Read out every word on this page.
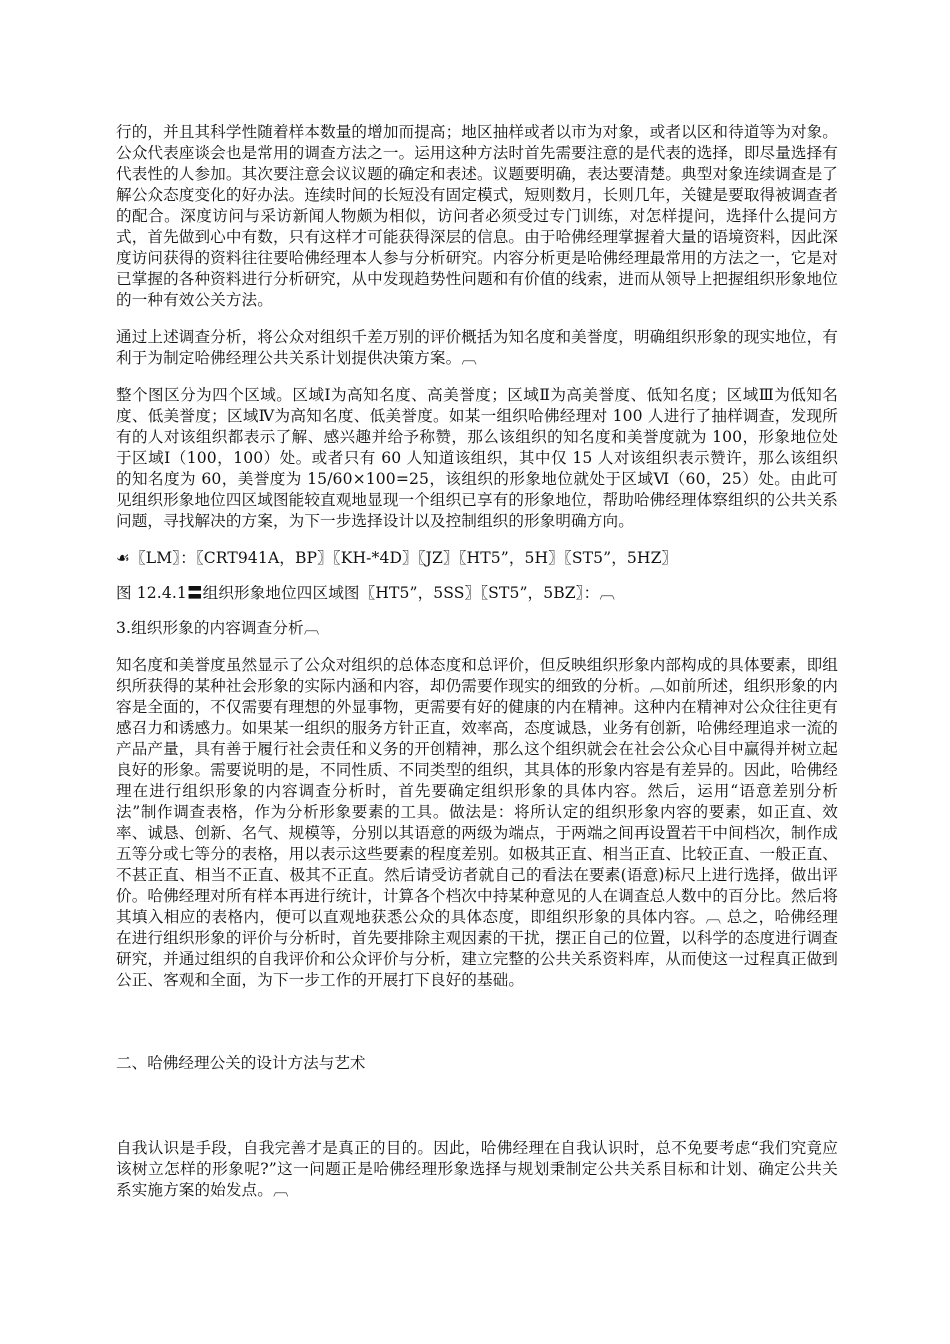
行的，并且其科学性随着样本数量的增加而提高；地区抽样或者以市为对象，或者以区和待道等为对象。公众代表座谈会也是常用的调查方法之一。运用这种方法时首先需要注意的是代表的选择，即尽量选择有代表性的人参加。其次要注意会议议题的确定和表述。议题要明确，表达要清楚。典型对象连续调查是了解公众态度变化的好办法。连续时间的长短没有固定模式，短则数月，长则几年，关键是要取得被调查者的配合。深度访问与采访新闻人物颇为相似，访问者必须受过专门训练，对怎样提问，选择什么提问方式，首先做到心中有数，只有这样才可能获得深层的信息。由于哈佛经理掌握着大量的语境资料，因此深度访问获得的资料往往要哈佛经理本人参与分析研究。内容分析更是哈佛经理最常用的方法之一，它是对已掌握的各种资料进行分析研究，从中发现趋势性问题和有价值的线索，进而从领导上把握组织形象地位的一种有效公关方法。

通过上述调查分析，将公众对组织千差万别的评价概括为知名度和美誉度，明确组织形象的现实地位，有利于为制定哈佛经理公共关系计划提供决策方案。︹

整个图区分为四个区域。区域Ⅰ为高知名度、高美誉度；区域Ⅱ为高美誉度、低知名度；区域Ⅲ为低知名度、低美誉度；区域Ⅳ为高知名度、低美誉度。如某一组织哈佛经理对 100 人进行了抽样调查，发现所有的人对该组织都表示了解、感兴趣并给予称赞，那么该组织的知名度和美誉度就为 100，形象地位处于区域Ⅰ（100，100）处。或者只有 60 人知道该组织，其中仅 15 人对该组织表示赞许，那么该组织的知名度为 60，美誉度为 15/60×100=25，该组织的形象地位就处于区域Ⅵ（60，25）处。由此可见组织形象地位四区域图能较直观地显现一个组织已享有的形象地位，帮助哈佛经理体察组织的公共关系问题，寻找解决的方案，为下一步选择设计以及控制组织的形象明确方向。

☙〖LM〗：〖CRT941A，BP〗〖KH-*4D〗〖JZ〗〖HT5”，5H〗〖ST5”，5HZ〗

图 12.4.1〓组织形象地位四区域图〖HT5”，5SS〗〖ST5”，5BZ〗：︹

3.组织形象的内容调查分析︹

知名度和美誉度虽然显示了公众对组织的总体态度和总评价，但反映组织形象内部构成的具体要素，即组织所获得的某种社会形象的实际内涵和内容，却仍需要作现实的细致的分析。︹如前所述，组织形象的内容是全面的，不仅需要有理想的外显事物，更需要有好的健康的内在精神。这种内在精神对公众往往更有感召力和诱感力。如果某一组织的服务方针正直，效率高，态度诚恳，业务有创新，哈佛经理追求一流的产品产量，具有善于履行社会责任和义务的开创精神，那么这个组织就会在社会公众心目中赢得并树立起良好的形象。需要说明的是，不同性质、不同类型的组织，其具体的形象内容是有差异的。因此，哈佛经理在进行组织形象的内容调查分析时，首先要确定组织形象的具体内容。然后，运用“语意差别分析法”制作调查表格，作为分析形象要素的工具。做法是：将所认定的组织形象内容的要素，如正直、效率、诚恳、创新、名气、规模等，分别以其语意的两级为端点，于两端之间再设置若干中间档次，制作成五等分或七等分的表格，用以表示这些要素的程度差别。如极其正直、相当正直、比较正直、一般正直、不甚正直、相当不正直、极其不正直。然后请受访者就自己的看法在要素(语意)标尺上进行选择，做出评价。哈佛经理对所有样本再进行统计，计算各个档次中持某种意见的人在调查总人数中的百分比。然后将其填入相应的表格内，便可以直观地获悉公众的具体态度，即组织形象的具体内容。︹ 总之，哈佛经理在进行组织形象的评价与分析时，首先要排除主观因素的干扰，摆正自己的位置，以科学的态度进行调查研究，并通过组织的自我评价和公众评价与分析，建立完整的公共关系资料库，从而使这一过程真正做到公正、客观和全面，为下一步工作的开展打下良好的基础。

二、哈佛经理公关的设计方法与艺术

自我认识是手段，自我完善才是真正的目的。因此，哈佛经理在自我认识时，总不免要考虑“我们究竟应该树立怎样的形象呢?”这一问题正是哈佛经理形象选择与规划秉制定公共关系目标和计划、确定公共关系实施方案的始发点。︹
